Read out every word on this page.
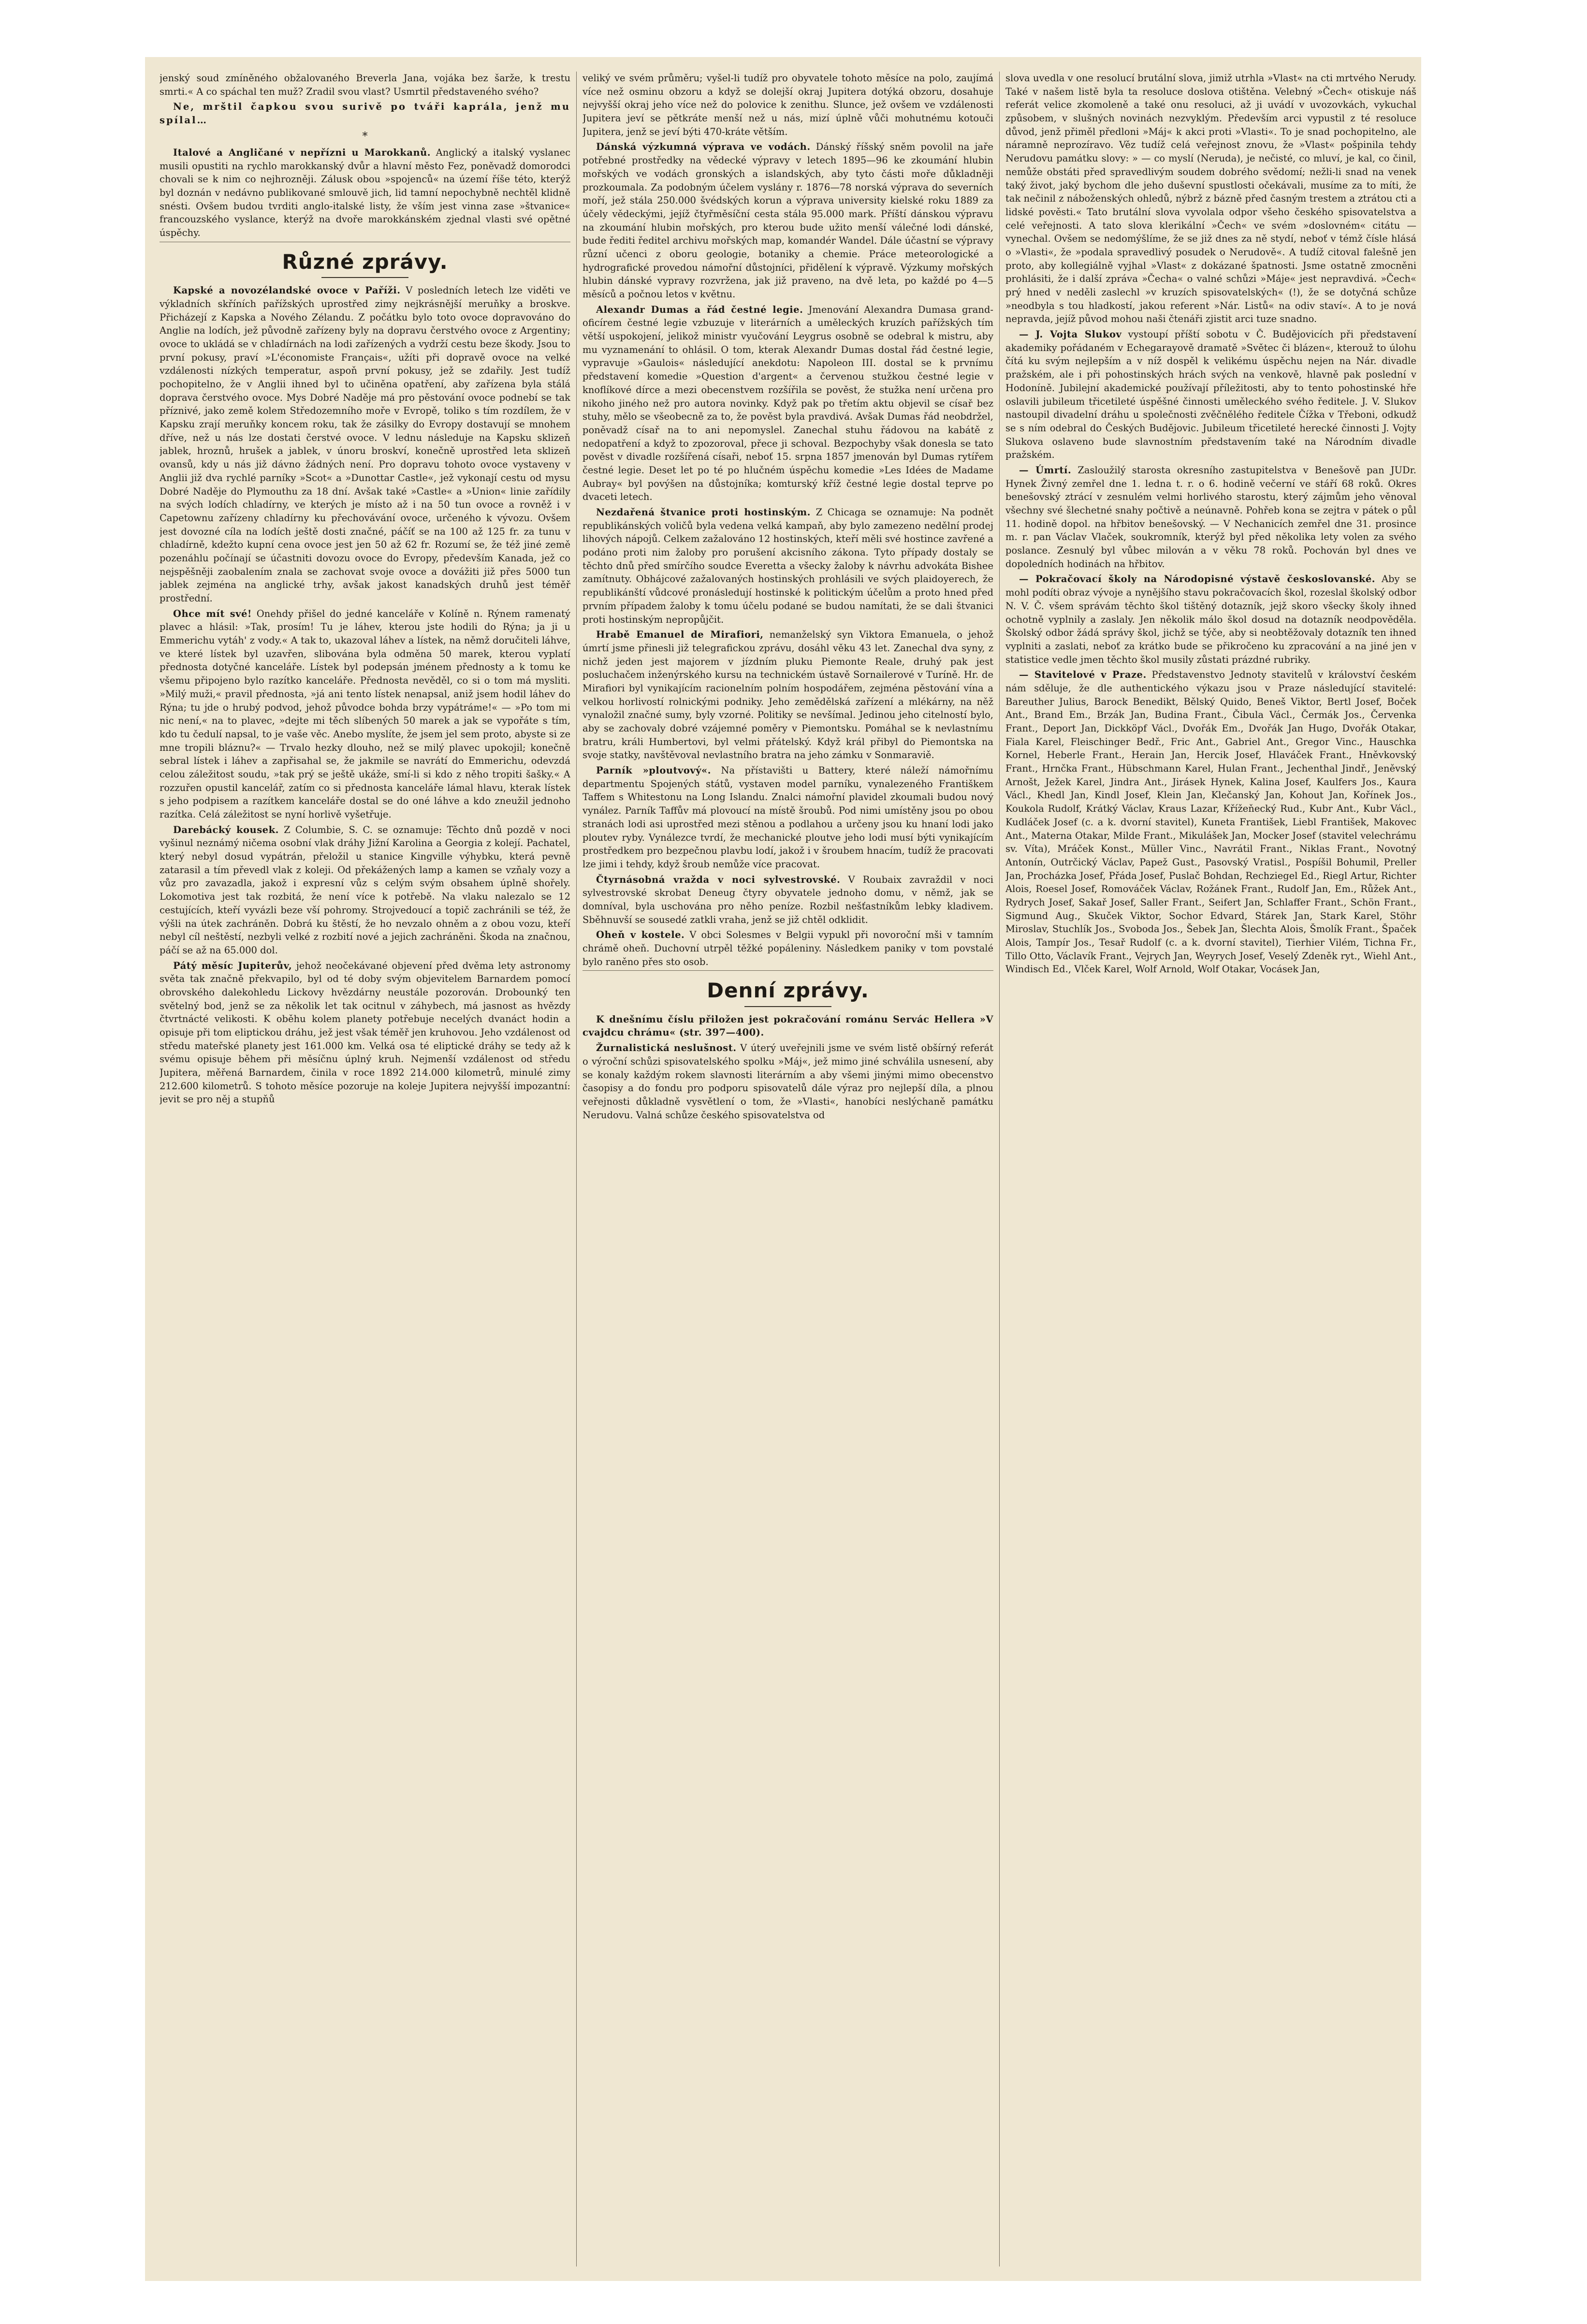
jenský soud zmíněného obžalovaného Breverla Jana, vojáka bez šarže, k trestu smrti.« A co spáchal ten muž? Zradil svou vlast? Usmrtil představeného svého?

Ne, mrštil čapkou svou surivě po tváři kaprála, jenž mu spílal…

*

Italové a Angličané v nepřízni u Marokkanů. Anglický a italský vyslanec musili opustiti na rychlo marokkanský dvůr a hlavní město Fez, poněvadž domorodci chovali se k nim co nejhrozněji. Zálusk obou »spojenců« na území říše této, kterýž byl doznán v nedávno publikované smlouvě jich, lid tamní nepochybně nechtěl klidně snésti. Ovšem budou tvrditi anglo-italské listy, že vším jest vinna zase »štvanice« francouzského vyslance, kterýž na dvoře marokkánském zjednal vlasti své opětné úspěchy.

Různé zprávy.

Kapské a novozélandské ovoce v Paříži. V posledních letech lze viděti ve výkladních skříních pařížských uprostřed zimy nejkrásnější meruňky a broskve. Přicházejí z Kapska a Nového Zélandu. Z počátku bylo toto ovoce dopravováno do Anglie na lodích, jež původně zařízeny byly na dopravu čerstvého ovoce z Argentiny; ovoce to ukládá se v chladírnách na lodi zařízených a vydrží cestu beze škody. Jsou to první pokusy, praví »L'économiste Français«, užíti při dopravě ovoce na velké vzdálenosti nízkých temperatur, aspoň první pokusy, jež se zdařily. Jest tudíž pochopitelno, že v Anglii ihned byl to učiněna opatření, aby zařízena byla stálá doprava čerstvého ovoce. Mys Dobré Naděje má pro pěstování ovoce podnebí se tak příznivé, jako země kolem Středozemního moře v Evropě, toliko s tím rozdílem, že v Kapsku zrají meruňky koncem roku, tak že zásilky do Evropy dostavují se mnohem dříve, než u nás lze dostati čerstvé ovoce. V lednu následuje na Kapsku sklizeň jablek, hroznů, hrušek a jablek, v únoru broskví, konečně uprostřed leta sklizeň ovansů, kdy u nás již dávno žádných není. Pro dopravu tohoto ovoce vystaveny v Anglii již dva rychlé parníky »Scot« a »Dunottar Castle«, jež vykonají cestu od mysu Dobré Naděje do Plymouthu za 18 dní. Avšak také »Castle« a »Union« linie zařídily na svých lodích chladírny, ve kterých je místo až i na 50 tun ovoce a rovněž i v Capetownu zařízeny chladírny ku přechovávání ovoce, určeného k vývozu. Ovšem jest dovozné cíla na lodích ještě dosti značné, páčíť se na 100 až 125 fr. za tunu v chladírně, kdežto kupní cena ovoce jest jen 50 až 62 fr. Rozumí se, že též jiné země pozenáhlu počínají se účastniti dovozu ovoce do Evropy, především Kanada, jež co nejspěšněji zaobalením znala se zachovat svoje ovoce a dovážiti již přes 5000 tun jablek zejména na anglické trhy, avšak jakost kanadských druhů jest téměř prostřední.

Ohce mít své! Onehdy přišel do jedné kanceláře v Kolíně n. Rýnem ramenatý plavec a hlásil: »Tak, prosím! Tu je láhev, kterou jste hodili do Rýna; ja ji u Emmerichu vytáh' z vody.« A tak to, ukazoval láhev a lístek, na němž doručiteli láhve, ve které lístek byl uzavřen, slibována byla odměna 50 marek, kterou vyplatí přednosta dotyčné kanceláře. Lístek byl podepsán jménem přednosty a k tomu ke všemu připojeno bylo razítko kanceláře. Přednosta nevěděl, co si o tom má mysliti. »Milý muži,« pravil přednosta, »já ani tento lístek nenapsal, aniž jsem hodil láhev do Rýna; tu jde o hrubý podvod, jehož původce bohda brzy vypátráme!« — »Po tom mi nic není,« na to plavec, »dejte mi těch slíbených 50 marek a jak se vypořáte s tím, kdo tu čedulí napsal, to je vaše věc. Anebo myslíte, že jsem jel sem proto, abyste si ze mne tropili bláznu?« — Trvalo hezky dlouho, než se milý plavec upokojil; konečně sebral lístek i láhev a zapřisahal se, že jakmile se navrátí do Emmerichu, odevzdá celou záležitost soudu, »tak prý se ještě ukáže, smí-li si kdo z něho tropiti šašky.« A rozzuřen opustil kancelář, zatím co si přednosta kanceláře lámal hlavu, kterak lístek s jeho podpisem a razítkem kanceláře dostal se do oné láhve a kdo zneužil jednoho razítka. Celá záležitost se nyní horlivě vyšetřuje.

Darebácký kousek. Z Columbie, S. C. se oznamuje: Těchto dnů pozdě v noci vyšinul neznámý ničema osobní vlak dráhy Jižní Karolina a Georgia z kolejí. Pachatel, který nebyl dosud vypátrán, přeložil u stanice Kingville výhybku, která pevně zatarasil a tím převedl vlak z koleji. Od překážených lamp a kamen se vzňaly vozy a vůz pro zavazadla, jakož i expresní vůz s celým svým obsahem úplně shořely. Lokomotiva jest tak rozbitá, že není více k potřebě. Na vlaku nalezalo se 12 cestujících, kteří vyvázli beze vší pohromy. Strojvedoucí a topič zachránili se též, že výšli na útek zachráněn. Dobrá ku štěstí, že ho nevzalo ohněm a z obou vozu, kteří nebyl cíl neštěstí, nezbyli velké z rozbití nové a jejich zachráněni. Škoda na značnou, páčí se až na 65.000 dol.

Pátý měsíc Jupiterův, jehož neočekávané objevení před dvěma lety astronomy světa tak značně překvapilo, byl od té doby svým objevitelem Barnardem pomocí obrovského dalekohledu Lickovy hvězdárny neustále pozorován. Drobounký ten světelný bod, jenž se za několik let tak ocitnul v záhybech, má jasnost as hvězdy čtvrtnácté velikosti. K oběhu kolem planety potřebuje necelých dvanáct hodin a opisuje při tom eliptickou dráhu, jež jest však téměř jen kruhovou. Jeho vzdálenost od středu mateřské planety jest 161.000 km. Velká osa té eliptické dráhy se tedy až k svému opisuje během při měsíčnu úplný kruh. Nejmenší vzdálenost od středu Jupitera, měřená Barnardem, činila v roce 1892 214.000 kilometrů, minulé zimy 212.600 kilometrů. S tohoto měsíce pozoruje na koleje Jupitera nejvyšší impozantní: jevit se pro něj a stupňů

veliký ve svém průměru; vyšel-li tudíž pro obyvatele tohoto měsíce na polo, zaujímá více než osminu obzoru a když se dolejší okraj Jupitera dotýká obzoru, dosahuje nejvyšší okraj jeho více než do polovice k zenithu. Slunce, jež ovšem ve vzdálenosti Jupitera jeví se pětkráte menší než u nás, mizí úplně vůči mohutnému kotouči Jupitera, jenž se jeví býti 470-kráte větším.

Dánská výzkumná výprava ve vodách. Dánský říšský sněm povolil na jaře potřebné prostředky na vědecké výpravy v letech 1895—96 ke zkoumání hlubin mořských ve vodách gronských a islandských, aby tyto části moře důkladněji prozkoumala. Za podobným účelem vyslány r. 1876—78 norská výprava do severních moří, jež stála 250.000 švédských korun a výprava university kielské roku 1889 za účely vědeckými, jejíž čtyřměsíční cesta stála 95.000 mark. Příští dánskou výpravu na zkoumání hlubin mořských, pro kterou bude užito menší válečné lodi dánské, bude řediti ředitel archivu mořských map, komandér Wandel. Dále účastní se výpravy různí učenci z oboru geologie, botaniky a chemie. Práce meteorologické a hydrografické provedou námořní důstojníci, přidělení k výpravě. Výzkumy mořských hlubin dánské vypravy rozvržena, jak již praveno, na dvě leta, po každé po 4—5 měsíců a počnou letos v květnu.

Alexandr Dumas a řád čestné legie. Jmenování Alexandra Dumasa grand-oficírem čestné legie vzbuzuje v literárních a uměleckých kruzích pařížských tím větší uspokojení, jelikož ministr vyučování Leygrus osobně se odebral k mistru, aby mu vyznamenání to ohlásil. O tom, kterak Alexandr Dumas dostal řád čestné legie, vypravuje »Gaulois« následující anekdotu: Napoleon III. dostal se k prvnímu představení komedie »Question d'argent« a červenou stužkou čestné legie v knoflíkové dírce a mezi obecenstvem rozšířila se pověst, že stužka není určena pro nikoho jiného než pro autora novinky. Když pak po třetím aktu objevil se císař bez stuhy, mělo se všeobecně za to, že pověst byla pravdivá. Avšak Dumas řád neobdržel, poněvadž císař na to ani nepomyslel. Zanechal stuhu řádovou na kabátě z nedopatření a když to zpozoroval, přece ji schoval. Bezpochyby však donesla se tato pověst v divadle rozšířená císaři, neboť 15. srpna 1857 jmenován byl Dumas rytířem čestné legie. Deset let po té po hlučném úspěchu komedie »Les Idées de Madame Aubray« byl povýšen na důstojníka; komturský kříž čestné legie dostal teprve po dvaceti letech.

Nezdařená štvanice proti hostinským. Z Chicaga se oznamuje: Na podnět republikánských voličů byla vedena velká kampaň, aby bylo zamezeno nedělní prodej lihových nápojů. Celkem zažalováno 12 hostinských, kteří měli své hostince zavřené a podáno proti nim žaloby pro porušení akcisního zákona. Tyto případy dostaly se těchto dnů před smírčího soudce Everetta a všecky žaloby k návrhu advokáta Bishee zamítnuty. Obhájcové zažalovaných hostinských prohlásili ve svých plaidoyerech, že republikánští vůdcové pronásledují hostinské k politickým účelům a proto hned před prvním případem žaloby k tomu účelu podané se budou namítati, že se dali štvanici proti hostinským nepropůjčit.

Hrabě Emanuel de Mirafiori, nemanželský syn Viktora Emanuela, o jehož úmrtí jsme přinesli již telegrafickou zprávu, dosáhl věku 43 let. Zanechal dva syny, z nichž jeden jest majorem v jízdním pluku Piemonte Reale, druhý pak jest posluchačem inženýrského kursu na technickém ústavě Sornailerové v Turíně. Hr. de Mirafiori byl vynikajícím racionelním polním hospodářem, zejména pěstování vína a velkou horlivostí rolnickými podniky. Jeho zemědělská zařízení a mlékárny, na něž vynaložil značné sumy, byly vzorné. Politiky se nevšímal. Jedinou jeho citelností bylo, aby se zachovaly dobré vzájemné poměry v Piemontsku. Pomáhal se k nevlastnímu bratru, králi Humbertovi, byl velmi přátelský. Když král přibyl do Piemontska na svoje statky, navštěvoval nevlastního bratra na jeho zámku v Sonmaraviě.

Parník »ploutvový«. Na přístavišti u Battery, které náleží námořnímu departmentu Spojených států, vystaven model parníku, vynalezeného Františkem Taffem s Whitestonu na Long Islandu. Znalci námořní plavidel zkoumali budou nový vynález. Parník Taffův má plovoucí na místě šroubů. Pod nimi umístěny jsou po obou stranách lodi asi uprostřed mezi stěnou a podlahou a určeny jsou ku hnaní lodi jako ploutev ryby. Vynálezce tvrdí, že mechanické ploutve jeho lodi musí býti vynikajícím prostředkem pro bezpečnou plavbu lodí, jakož i v šroubem hnacím, tudíž že pracovati lze jimi i tehdy, když šroub nemůže více pracovat.

Čtyrnásobná vražda v noci sylvestrovské. V Roubaix zavraždil v noci sylvestrovské skrobat Deneug čtyry obyvatele jednoho domu, v němž, jak se domníval, byla uschována pro něho peníze. Rozbil nešťastníkům lebky kladivem. Sběhnuvší se sousedé zatkli vraha, jenž se již chtěl odklidit.

Oheň v kostele. V obci Solesmes v Belgii vypukl při novoroční mši v tamním chrámě oheň. Duchovní utrpěl těžké popáleniny. Následkem paniky v tom povstalé bylo raněno přes sto osob.

Denní zprávy.

K dnešnímu číslu přiložen jest pokračování románu Servác Hellera »V cvajdcu chrámu« (str. 397—400).

Žurnalistická neslušnost. V úterý uveřejnili jsme ve svém listě obšírný referát o výroční schůzi spisovatelského spolku »Máj«, jež mimo jiné schválila usnesení, aby se konaly každým rokem slavnosti literárním a aby všemi jinými mimo obecenstvo časopisy a do fondu pro podporu spisovatelů dále výraz pro nejlepší díla, a plnou veřejnosti důkladně vysvětlení o tom, že »Vlasti«, hanobíci neslýchaně památku Nerudovu. Valná schůze českého spisovatelstva od

slova uvedla v one resolucí brutální slova, jimiž utrhla »Vlast« na cti mrtvého Nerudy. Také v našem listě byla ta resoluce doslova otištěna. Velebný »Čech« otiskuje náš referát velice zkomoleně a také onu resoluci, až ji uvádí v uvozovkách, vykuchal způsobem, v slušných novinách nezvyklým. Především arci vypustil z té resoluce důvod, jenž přiměl předloni »Máj« k akci proti »Vlasti«. To je snad pochopitelno, ale náramně neprozíravo. Věz tudíž celá veřejnost znovu, že »Vlast« pošpinila tehdy Nerudovu památku slovy: » — co myslí (Neruda), je nečisté, co mluví, je kal, co činil, nemůže obstáti před spravedlivým soudem dobrého svědomí; nežli-li snad na venek taký život, jaký bychom dle jeho duševní spustlosti očekávali, musíme za to míti, že tak nečinil z náboženských ohledů, nýbrž z bázně před časným trestem a ztrátou cti a lidské pověsti.« Tato brutální slova vyvolala odpor všeho českého spisovatelstva a celé veřejnosti. A tato slova klerikální »Čech« ve svém »doslovném« citátu — vynechal. Ovšem se nedomýšlíme, že se již dnes za ně stydí, neboť v témž čísle hlásá o »Vlasti«, že »podala spravedlivý posudek o Nerudově«. A tudíž citoval falešně jen proto, aby kollegiálně vyjhal »Vlast« z dokázané špatnosti. Jsme ostatně zmocněni prohlásiti, že i další zpráva »Čecha« o valné schůzi »Máje« jest nepravdivá. »Čech« prý hned v neděli zaslechl »v kruzích spisovatelských« (!), že se dotyčná schůze »neodbyla s tou hladkostí, jakou referent »Nár. Listů« na odiv staví«. A to je nová nepravda, jejíž původ mohou naši čtenáři zjistit arci tuze snadno.

— J. Vojta Slukov vystoupí příští sobotu v Č. Budějovicích při představení akademiky pořádaném v Echegarayově dramatě »Světec či blázen«, kterouž to úlohu čítá ku svým nejlepším a v níž dospěl k velikému úspěchu nejen na Nár. divadle pražském, ale i při pohostinských hrách svých na venkově, hlavně pak poslední v Hodoníně. Jubilejní akademické používají příležitosti, aby to tento pohostinské hře oslavili jubileum třicetileté úspěšné činnosti uměleckého svého ředitele. J. V. Slukov nastoupil divadelní dráhu u společnosti zvěčnělého ředitele Čížka v Třeboni, odkudž se s ním odebral do Českých Budějovic. Jubileum třicetileté herecké činnosti J. Vojty Slukova oslaveno bude slavnostním představením také na Národním divadle pražském.

— Úmrtí. Zasloužilý starosta okresního zastupitelstva v Benešově pan JUDr. Hynek Živný zemřel dne 1. ledna t. r. o 6. hodině večerní ve stáří 68 roků. Okres benešovský ztrácí v zesnulém velmi horlivého starostu, který zájmům jeho věnoval všechny své šlechetné snahy počtivě a neúnavně. Pohřeb kona se zejtra v pátek o půl 11. hodině dopol. na hřbitov benešovský. — V Nechanicích zemřel dne 31. prosince m. r. pan Václav Vlaček, soukromník, kterýž byl před několika lety volen za svého poslance. Zesnulý byl vůbec milován a v věku 78 roků. Pochován byl dnes ve dopoledních hodinách na hřbitov.

— Pokračovací školy na Národopisné výstavě českoslovanské. Aby se mohl podíti obraz vývoje a nynějšího stavu pokračovacích škol, rozeslal školský odbor N. V. Č. všem správám těchto škol tištěný dotazník, jejž skoro všecky školy ihned ochotně vyplnily a zaslaly. Jen několik málo škol dosud na dotazník neodpověděla. Školský odbor žádá správy škol, jichž se týče, aby si neobtěžovaly dotazník ten ihned vyplniti a zaslati, neboť za krátko bude se přikročeno ku zpracování a na jiné jen v statistice vedle jmen těchto škol musily zůstati prázdné rubriky.

— Stavitelové v Praze. Představenstvo Jednoty stavitelů v království českém nám sděluje, že dle authentického výkazu jsou v Praze následující stavitelé: Bareuther Julius, Barock Benedikt, Bělský Quido, Beneš Viktor, Bertl Josef, Boček Ant., Brand Em., Brzák Jan, Budina Frant., Čibula Václ., Čermák Jos., Červenka Frant., Deport Jan, Dickköpf Václ., Dvořák Em., Dvořák Jan Hugo, Dvořák Otakar, Fiala Karel, Fleischinger Bedř., Fric Ant., Gabriel Ant., Gregor Vinc., Hauschka Kornel, Heberle Frant., Herain Jan, Hercik Josef, Hlaváček Frant., Hněvkovský Frant., Hrnčka Frant., Hübschmann Karel, Hulan Frant., Jechenthal Jindř., Jeněvský Arnošt, Ježek Karel, Jindra Ant., Jirásek Hynek, Kalina Josef, Kaulfers Jos., Kaura Václ., Khedl Jan, Kindl Josef, Klein Jan, Klečanský Jan, Kohout Jan, Kořínek Jos., Koukola Rudolf, Krátký Václav, Kraus Lazar, Křížeňecký Rud., Kubr Ant., Kubr Václ., Kudláček Josef (c. a k. dvorní stavitel), Kuneta František, Liebl František, Makovec Ant., Materna Otakar, Milde Frant., Mikulášek Jan, Mocker Josef (stavitel velechrámu sv. Víta), Mráček Konst., Müller Vinc., Navrátil Frant., Niklas Frant., Novotný Antonín, Outrčický Václav, Papež Gust., Pasovský Vratisl., Pospíšil Bohumil, Preller Jan, Procházka Josef, Přáda Josef, Puslač Bohdan, Rechziegel Ed., Riegl Artur, Richter Alois, Roesel Josef, Romováček Václav, Rožánek Frant., Rudolf Jan, Em., Růžek Ant., Rydrych Josef, Sakař Josef, Saller Frant., Seifert Jan, Schlaffer Frant., Schön Frant., Sigmund Aug., Skuček Viktor, Sochor Edvard, Stárek Jan, Stark Karel, Stöhr Miroslav, Stuchlík Jos., Svoboda Jos., Šebek Jan, Šlechta Alois, Šmolík Frant., Špaček Alois, Tampír Jos., Tesař Rudolf (c. a k. dvorní stavitel), Tierhier Vilém, Tichna Fr., Tillo Otto, Václavík Frant., Vejrych Jan, Weyrych Josef, Veselý Zdeněk ryt., Wiehl Ant., Windisch Ed., Vlček Karel, Wolf Arnold, Wolf Otakar, Vocásek Jan,
